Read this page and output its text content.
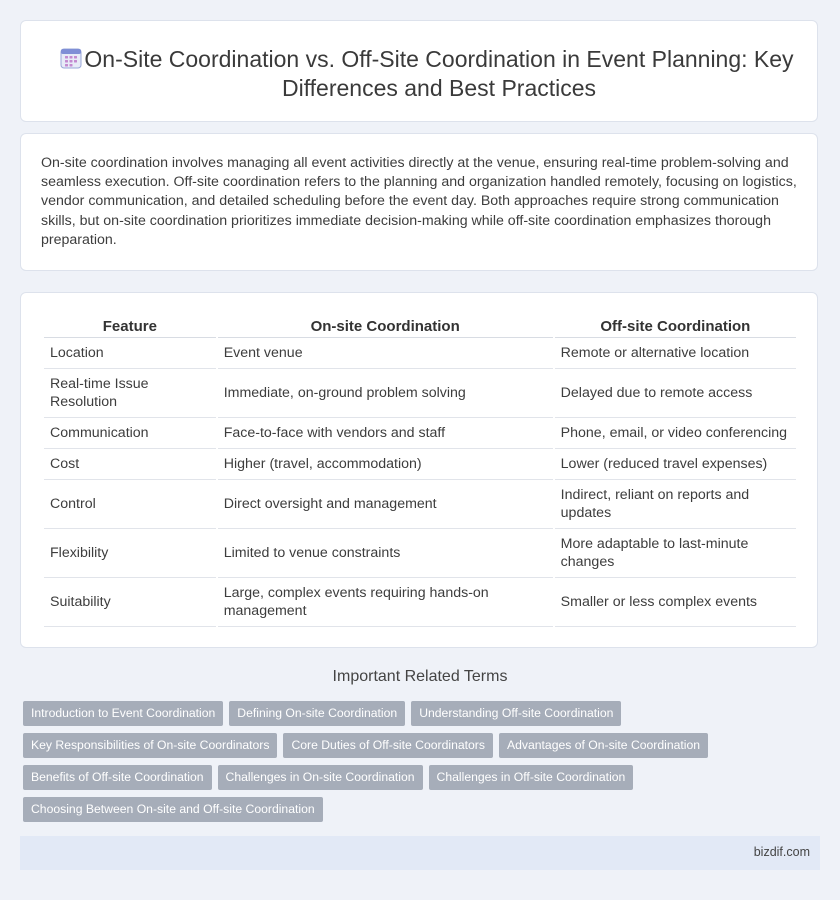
On-Site Coordination vs. Off-Site Coordination in Event Planning: Key Differences and Best Practices

On-site coordination involves managing all event activities directly at the venue, ensuring real-time problem-solving and seamless execution. Off-site coordination refers to the planning and organization handled remotely, focusing on logistics, vendor communication, and detailed scheduling before the event day. Both approaches require strong communication skills, but on-site coordination prioritizes immediate decision-making while off-site coordination emphasizes thorough preparation.

Feature	On-site Coordination	Off-site Coordination
Location	Event venue	Remote or alternative location
Real-time Issue Resolution	Immediate, on-ground problem solving	Delayed due to remote access
Communication	Face-to-face with vendors and staff	Phone, email, or video conferencing
Cost	Higher (travel, accommodation)	Lower (reduced travel expenses)
Control	Direct oversight and management	Indirect, reliant on reports and updates
Flexibility	Limited to venue constraints	More adaptable to last-minute changes
Suitability	Large, complex events requiring hands-on management	Smaller or less complex events
Important Related Terms
Introduction to Event Coordination Defining On-site Coordination Understanding Off-site Coordination
Key Responsibilities of On-site Coordinators Core Duties of Off-site Coordinators Advantages of On-site Coordination
Benefits of Off-site Coordination Challenges in On-site Coordination Challenges in Off-site Coordination
Choosing Between On-site and Off-site Coordination
bizdif.com
